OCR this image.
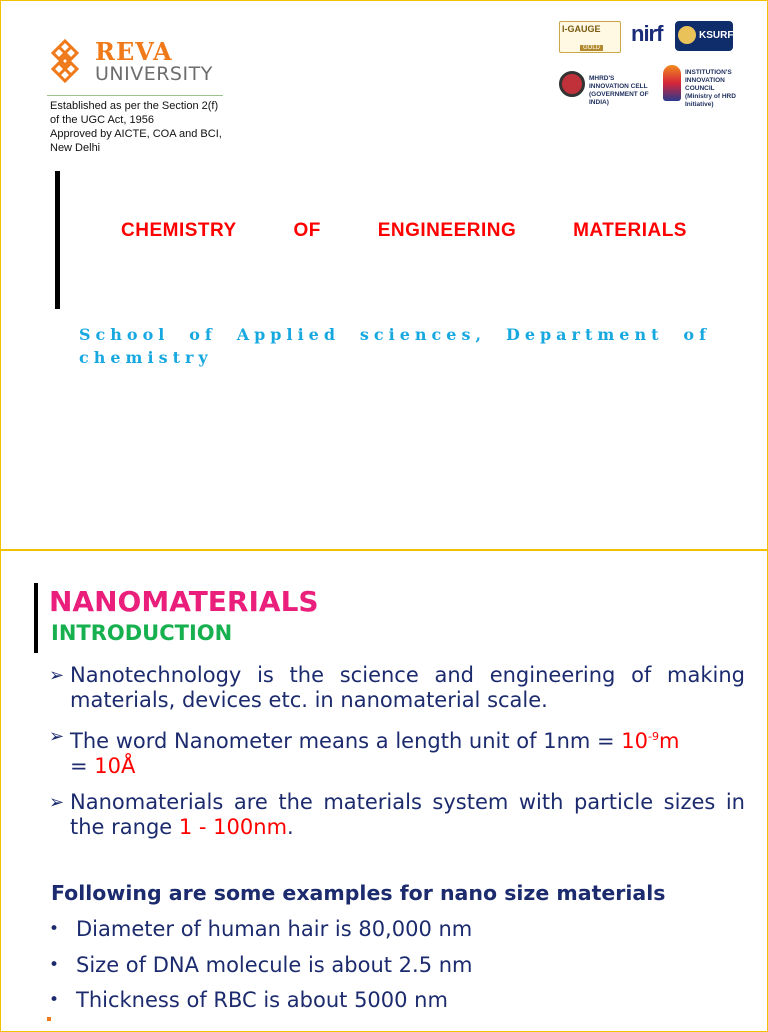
REVA
UNIVERSITY
Established as per the Section 2(f)
of the UGC Act, 1956
Approved by AICTE, COA and BCI,
New Delhi
I-GAUGE
GOLD
nirf	KSURF
MHRD'S
INNOVATION CELL
(GOVERNMENT OF INDIA)
INSTITUTION'S
INNOVATION
COUNCIL
(Ministry of HRD Initiative)
CHEMISTRY	OF	ENGINEERING	MATERIALS
School of Applied sciences, Department of
chemistry
NANOMATERIALS
INTRODUCTION
➢ Nanotechnology is the science and engineering of making materials, devices etc. in nanomaterial scale.
➢ The word Nanometer means a length unit of $1nm = 10^{-9}m$
= 10Å
➢ Nanomaterials are the materials system with particle sizes in the range 1 - 100nm.
Following are some examples for nano size materials
• Diameter of human hair is 80,000 nm
• Size of DNA molecule is about 2.5 nm
• Thickness of RBC is about 5000 nm
